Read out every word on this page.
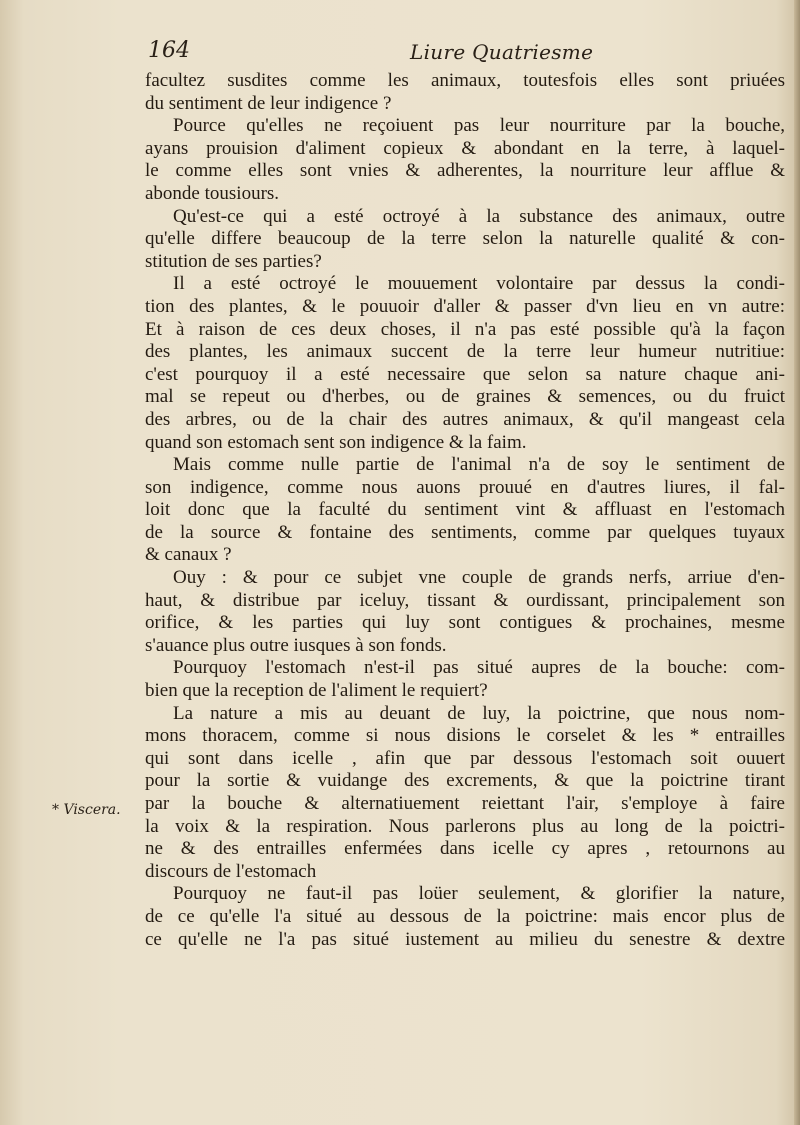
164	Liure Quatriesme
* Viscera.
facultez susdites comme les animaux, toutesfois elles sont priuées
du sentiment de leur indigence ?
Pource qu'elles ne reçoiuent pas leur nourriture par la bouche,
ayans prouision d'aliment copieux & abondant en la terre, à laquel-
le comme elles sont vnies & adherentes, la nourriture leur afflue &
abonde tousiours.
Qu'est-ce qui a esté octroyé à la substance des animaux, outre
qu'elle differe beaucoup de la terre selon la naturelle qualité & con-
stitution de ses parties?
Il a esté octroyé le mouuement volontaire par dessus la condi-
tion des plantes, & le pouuoir d'aller & passer d'vn lieu en vn autre:
Et à raison de ces deux choses, il n'a pas esté possible qu'à la façon
des plantes, les animaux succent de la terre leur humeur nutritiue:
c'est pourquoy il a esté necessaire que selon sa nature chaque ani-
mal se repeut ou d'herbes, ou de graines & semences, ou du fruict
des arbres, ou de la chair des autres animaux, & qu'il mangeast cela
quand son estomach sent son indigence & la faim.
Mais comme nulle partie de l'animal n'a de soy le sentiment de
son indigence, comme nous auons prouué en d'autres liures, il fal-
loit donc que la faculté du sentiment vint & affluast en l'estomach
de la source & fontaine des sentiments, comme par quelques tuyaux
& canaux ?
Ouy : & pour ce subjet vne couple de grands nerfs, arriue d'en-
haut, & distribue par iceluy, tissant & ourdissant, principalement son
orifice, & les parties qui luy sont contigues & prochaines, mesme
s'auance plus outre iusques à son fonds.
Pourquoy l'estomach n'est-il pas situé aupres de la bouche: com-
bien que la reception de l'aliment le requiert?
La nature a mis au deuant de luy, la poictrine, que nous nom-
mons thoracem, comme si nous disions le corselet & les * entrailles
qui sont dans icelle , afin que par dessous l'estomach soit ouuert
pour la sortie & vuidange des excrements, & que la poictrine tirant
par la bouche & alternatiuement reiettant l'air, s'employe à faire
la voix & la respiration. Nous parlerons plus au long de la poictri-
ne & des entrailles enfermées dans icelle cy apres , retournons au
discours de l'estomach
Pourquoy ne faut-il pas loüer seulement, & glorifier la nature,
de ce qu'elle l'a situé au dessous de la poictrine: mais encor plus de
ce qu'elle ne l'a pas situé iustement au milieu du senestre & dextre
